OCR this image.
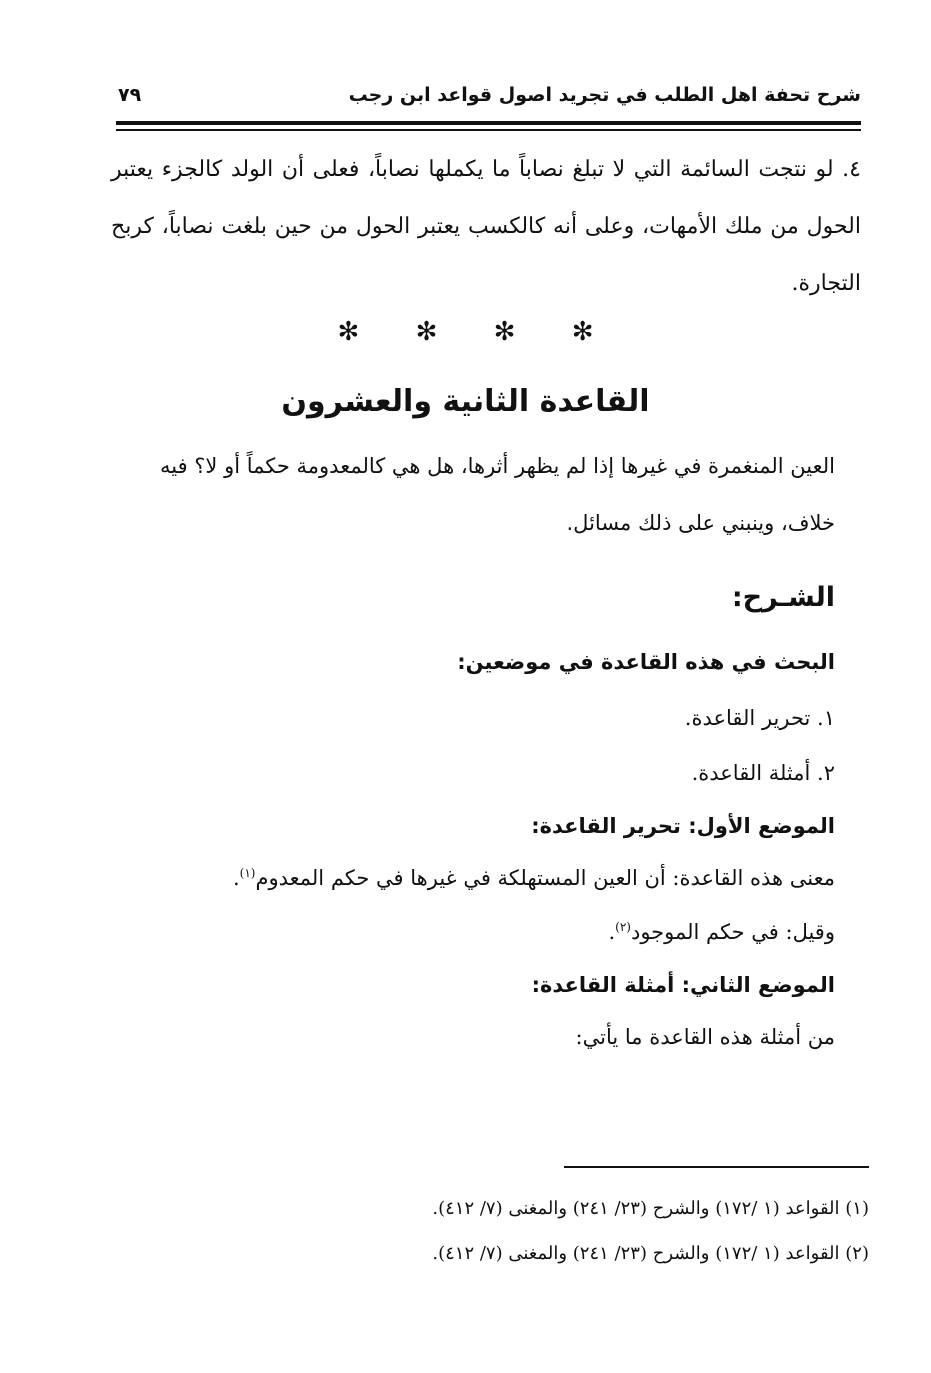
شرح تحفة اهل الطلب في تجريد اصول قواعد ابن رجب
٧٩
٤. لو نتجت السائمة التي لا تبلغ نصاباً ما يكملها نصاباً، فعلى أن الولد كالجزء يعتبر الحول من ملك الأمهات، وعلى أنه كالكسب يعتبر الحول من حين بلغت نصاباً، كربح التجارة.
✻ ✻ ✻ ✻
القاعدة الثانية والعشرون
العين المنغمرة في غيرها إذا لم يظهر أثرها، هل هي كالمعدومة حكماً أو لا؟ فيه خلاف، وينبني على ذلك مسائل.
الشـرح:
البحث في هذه القاعدة في موضعين:
١. تحرير القاعدة.
٢. أمثلة القاعدة.
الموضع الأول: تحرير القاعدة:
معنى هذه القاعدة: أن العين المستهلكة في غيرها في حكم المعدوم$^{(١)}$.
وقيل: في حكم الموجود$^{(٢)}$.
الموضع الثاني: أمثلة القاعدة:
من أمثلة هذه القاعدة ما يأتي:
(١) القواعد (١ /١٧٢) والشرح (٢٣/ ٢٤١) والمغنى (٧/ ٤١٢).
(٢) القواعد (١ /١٧٢) والشرح (٢٣/ ٢٤١) والمغنى (٧/ ٤١٢).
